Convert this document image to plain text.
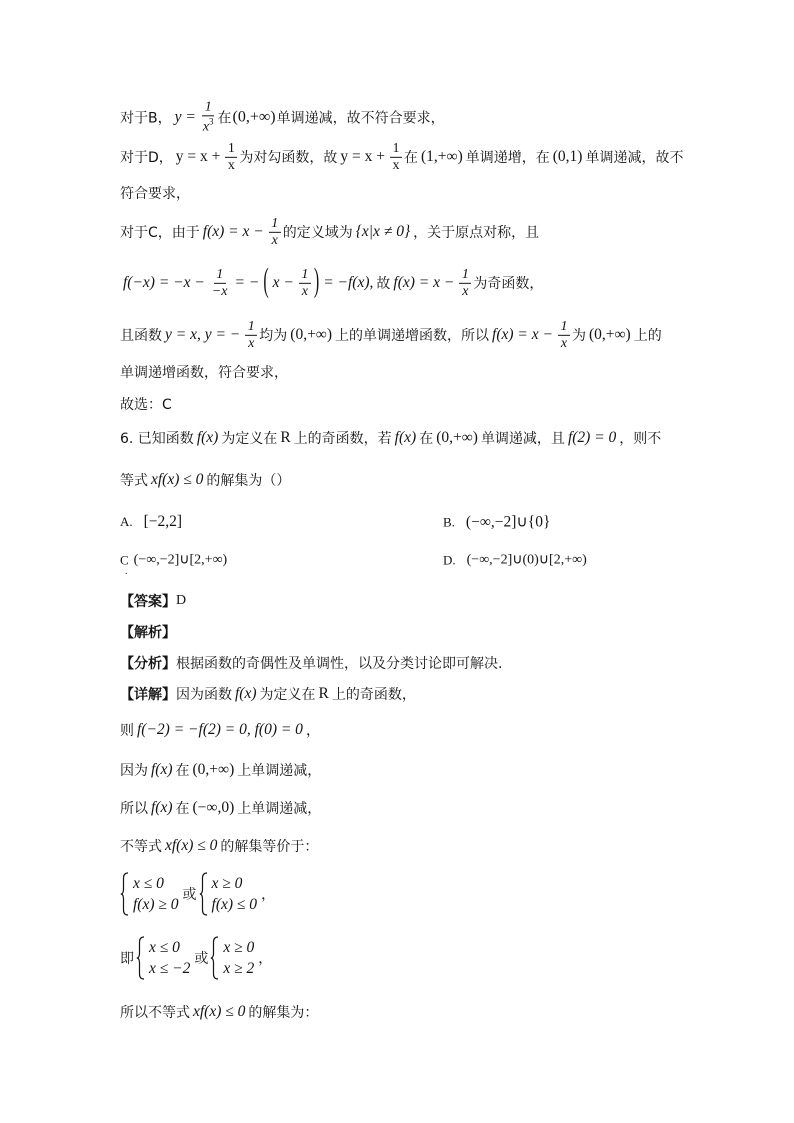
对于B， $y = \frac{1}{x^3}$ 在 (0,+∞) 单调递减，故不符合要求，
对于D， $y = x + \frac{1}{x}$ 为对勾函数，故 $y = x + \frac{1}{x}$ 在 (1,+∞) 单调递增，在 (0,1) 单调递减，故不
符合要求，
对于C，由于 $f(x) = x - \frac{1}{x}$ 的定义域为 {x|x ≠ 0} ，关于原点对称，且
$f(-x) = -x - \frac{1}{-x}$ = − ( $x - \frac{1}{x}$ ) = −f(x), 故 $f(x) = x - \frac{1}{x}$ 为奇函数，
且函数 y = x, y = − $\frac{1}{x}$ 均为 (0,+∞) 上的单调递增函数，所以 $f(x) = x - \frac{1}{x}$ 为 (0,+∞) 上的
单调递增函数，符合要求，
故选：C
6. 已知函数 f(x) 为定义在 R 上的奇函数，若 f(x) 在 (0,+∞) 单调递减，且 f(2) = 0 ，则不
等式 xf(x) ≤ 0 的解集为（）
A. [−2,2]	B. (−∞,−2]∪{0}
C (−∞,−2]∪[2,+∞)
.
D. (−∞,−2]∪(0)∪[2,+∞)
【答案】 D
【解析】
【分析】 根据函数的奇偶性及单调性，以及分类讨论即可解决.
【详解】 因为函数 f(x) 为定义在 R 上的奇函数，
则 f(−2) = −f(2) = 0, f(0) = 0 ，
因为 f(x) 在 (0,+∞) 上单调递减，
所以 f(x) 在 (−∞,0) 上单调递减，
不等式 xf(x) ≤ 0 的解集等价于：
x ≤ 0
f(x) ≥ 0
或
x ≥ 0
f(x) ≤ 0
，
即
x ≤ 0
x ≤ −2
或
x ≥ 0
x ≥ 2
，
所以不等式 xf(x) ≤ 0 的解集为：
